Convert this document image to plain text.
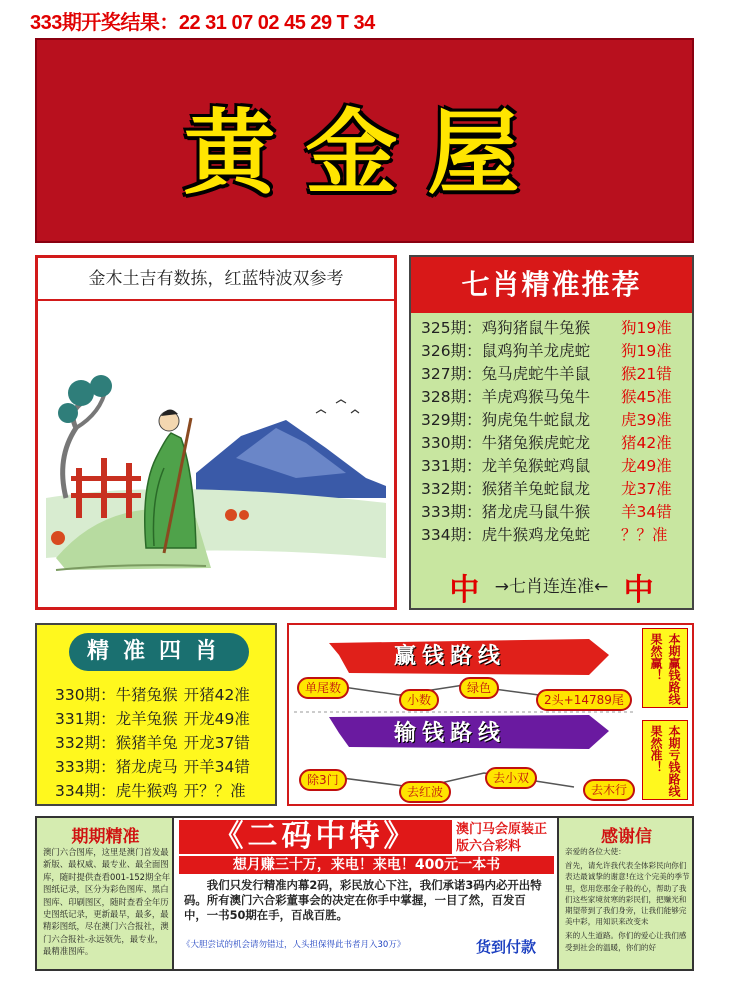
333期开奖结果：22 31 07 02 45 29 T 34
黄金屋
金木土吉有数拣，红蓝特波双参考	七肖精准推荐
325期：鸡狗猪鼠牛兔猴 狗19准
326期：鼠鸡狗羊龙虎蛇 狗19准
327期：兔马虎蛇牛羊鼠 猴21错
328期：羊虎鸡猴马兔牛 猴45准
329期：狗虎兔牛蛇鼠龙 虎39准
330期：牛猪兔猴虎蛇龙 猪42准
331期：龙羊兔猴蛇鸡鼠 龙49准
332期：猴猪羊兔蛇鼠龙 龙37准
333期：猪龙虎马鼠牛猴 羊34错
334期：虎牛猴鸡龙兔蛇 ？？准
中 →七肖连连准← 中
精准四肖
330期：牛猪兔猴 开猪42准
331期：龙羊兔猴 开龙49准
332期：猴猪羊兔 开龙37错
333期：猪龙虎马 开羊34错
334期：虎牛猴鸡 开？？准
赢钱路线
输钱路线
单尾数
小数
绿色
2头+14789尾
除3门
去红波
去小双
去木行
本期赢钱路线
果然赢！
本期亏钱路线
果然准！
期期精准
澳门六合图库，这里是澳门首发最新版、最权威、最专业、最全面图库，随时提供查看001-152期全年图纸记录，区分为彩色图库、黑白图库、印刷图区，随时查看全年历史图纸记录，更新最早，最多，最精彩图纸，尽在澳门六合报社，澳门六合报社-永远领先，最专业，最精准图库。
《二码中特》	澳门马会原装正版六合彩料
想月赚三十万，来电！来电！400元一本书
我们只发行精准内幕2码，彩民放心下注，我们承诺3码内必开出特码。所有澳门六合彩董事会的决定在你手中掌握，一目了然，百发百中，一书50期在手，百战百胜。
《大胆尝试的机会请勿错过，人头担保得此书者月入30万》	货到付款
感谢信

亲爱的各位大使：

首先，请允许我代表全体彩民向你们表达最诚挚的谢意!在这个完美的季节里，您用您那金子般的心，帮助了我们这些家境贫寒的彩民们，把赚光和期望带到了我们身旁，让我们能够完美中彩，用知识来改变未

来的人生道路。你们的爱心让我们感受到社会的温暖，你们的好
